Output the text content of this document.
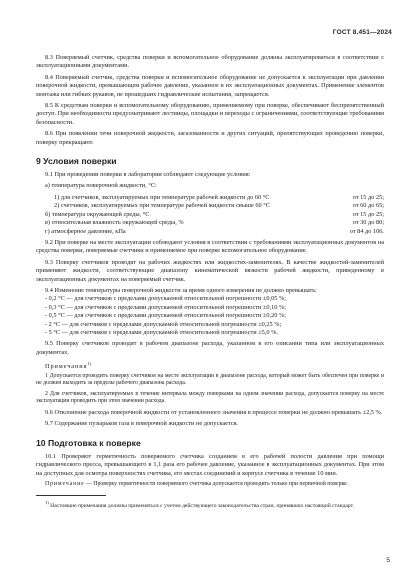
ГОСТ 8.451—2024

8.3 Поверяемый счетчик, средства поверки и вспомогательное оборудование должны эксплуатироваться в соответствии с эксплуатационными документами.

8.4 Поверяемый счетчик, средства поверки и вспомогательное оборудование не допускается к эксплуатации при давлении поверочной жидкости, превышающем рабочее давление, указанное в их эксплуатационных документах. Применение элементов монтажа или гибких рукавов, не прошедших гидравлические испытания, запрещается.

8.5 К средствам поверки и вспомогательному оборудованию, применяемому при поверке, обеспечивают беспрепятственный доступ. При необходимости предусматривают лестницы, площадки и переходы с ограничениями, соответствующие требованиям безопасности.

8.6 При появлении течи поверочной жидкости, загазованности и других ситуаций, препятствующих проведению поверки, поверку прекращают.

9 Условия поверки

9.1 При проведении поверки в лаборатории соблюдают следующие условия:

а) температура поверочной жидкости, °С:

1) для счетчиков, эксплуатируемых при температуре рабочей жидкости до 60 °С	от 15 до 25;
2) счетчиков, эксплуатируемых при температуре рабочей жидкости свыше 60 °С	от 60 до 65;
б) температура окружающей среды, °С	от 15 до 25;
в) относительная влажность окружающей среды, %	от 30 до 80;
г) атмосферное давление, кПа	от 84 до 106.

9.2 При поверке на месте эксплуатации соблюдают условия в соответствии с требованиями эксплуатационных документов на средства поверки, поверяемые счетчики и применяемое при поверке вспомогательное оборудование.

9.3 Поверку счетчиков проводят на рабочих жидкостях или жидкостях-заменителях. В качестве жидкостей-заменителей применяют жидкости, соответствующие диапазону кинематической вязкости рабочей жидкости, приведенному в эксплуатационных документах на поверяемый счетчик.

9.4 Изменение температуры поверочной жидкости за время одного измерения не должно превышать:

- 0,2 °С — для счетчиков с пределами допускаемой относительной погрешности ±0,05 %;

- 0,3 °С — для счетчиков с пределами допускаемой относительной погрешности ±0,10 %;

- 0,5 °С — для счетчиков с пределами допускаемой относительной погрешности ±0,20 %;

- 2 °С — для счетчиков с пределами допускаемой относительной погрешности ±0,25 %;

- 5 °С — для счетчиков с пределами допускаемой относительной погрешности ±5,0 %.

9.5 Поверку счетчиков проводят в рабочем диапазоне расхода, указанном в его описании типа или эксплуатационных документах.

Примечания$^{1)}$

1 Допускается проводить поверку счетчиков на месте эксплуатации в диапазоне расхода, который может быть обеспечен при поверке и не должен выходить за пределы рабочего диапазона расхода.

2 Для счетчиков, эксплуатируемых в течение интервала между поверками на одном значении расхода, допускается поверку на месте эксплуатации проводить при этом значении расхода.

9.6 Отклонение расхода поверочной жидкости от установленного значения в процессе поверки не должно превышать ±2,5 %.

9.7 Содержание пузырьков газа в поверочной жидкости не допускается.

10 Подготовка к поверке

10.1 Проверяют герметичность поверяемого счетчика созданием в его рабочей полости давления при помощи гидравлического пресса, превышающего в 1,1 раза его рабочее давление, указанное в эксплуатационных документах. При этом на доступных для осмотра поверхностях счетчика, его местах соединений и корпусе счетчика в течение 10 мин.

Примечание — Проверку герметичности поверяемого счетчика допускается проводить только при первичной поверке.

$^{1)}$ Настоящие примечания должны применяться с учетом действующего законодательства стран, принявших настоящий стандарт.

5
